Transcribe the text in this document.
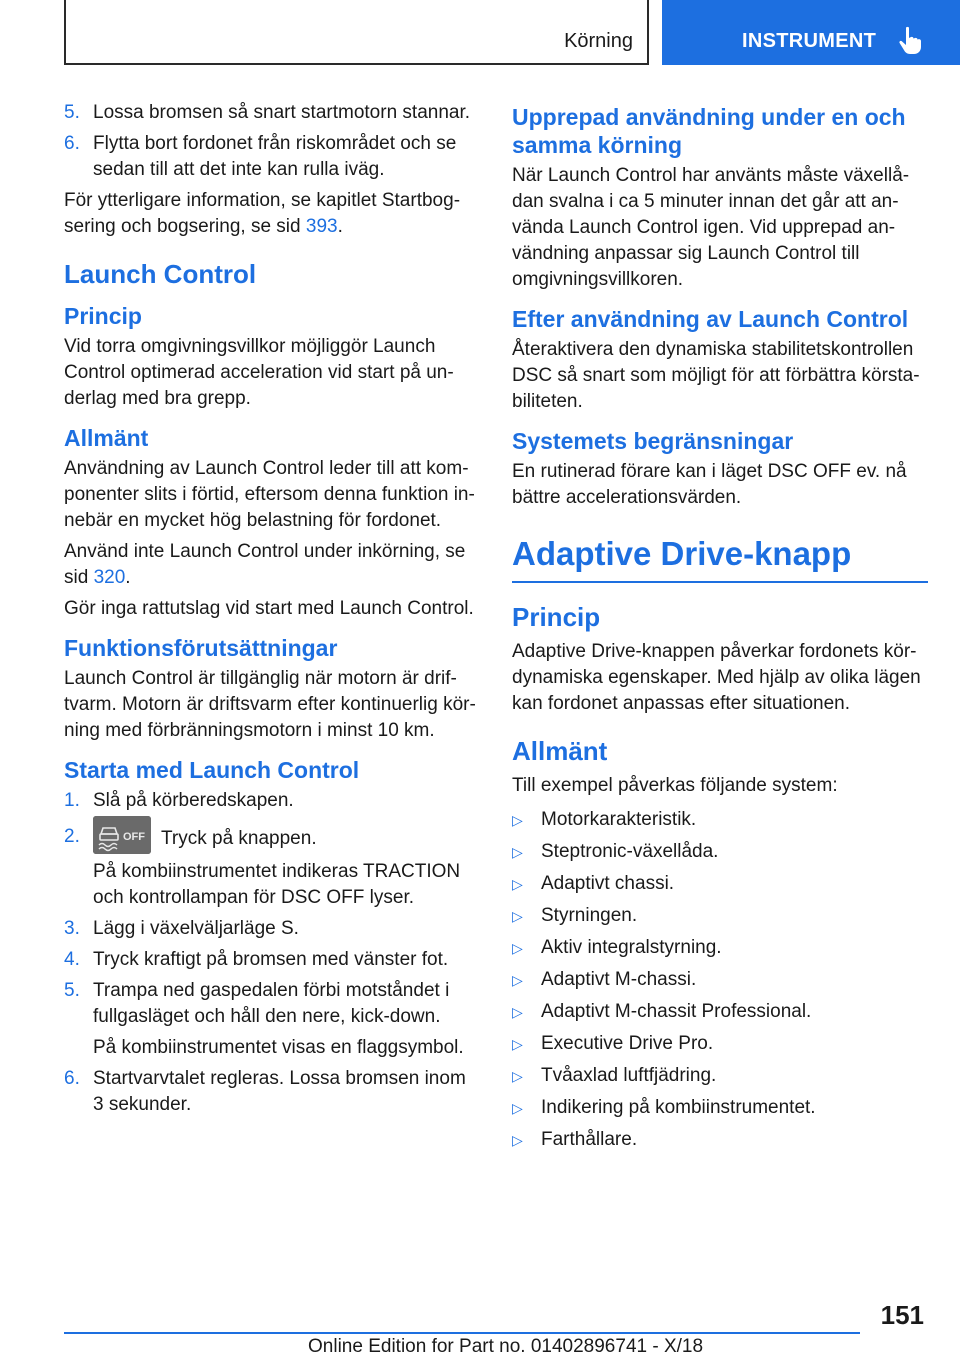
Körning	INSTRUMENT
5. Lossa bromsen så snart startmotorn stannar.
6. Flytta bort fordonet från riskområdet och se sedan till att det inte kan rulla iväg.
För ytterligare information, se kapitlet Startbogsering och bogsering, se sid 393.
Launch Control
Princip
Vid torra omgivningsvillkor möjliggör Launch Control optimerad acceleration vid start på underlag med bra grepp.
Allmänt
Användning av Launch Control leder till att komponenter slits i förtid, eftersom denna funktion innebär en mycket hög belastning för fordonet.
Använd inte Launch Control under inkörning, se sid 320.
Gör inga rattutslag vid start med Launch Control.
Funktionsförutsättningar
Launch Control är tillgänglig när motorn är driftvarm. Motorn är driftsvarm efter kontinuerlig körning med förbränningsmotorn i minst 10 km.
Starta med Launch Control
1. Slå på körberedskapen.
2.	OFF Tryck på knappen.
På kombiinstrumentet indikeras TRACTION och kontrollampan för DSC OFF lyser.
3. Lägg i växelväljarläge S.
4. Tryck kraftigt på bromsen med vänster fot.
5. Trampa ned gaspedalen förbi motståndet i fullgasläget och håll den nere, kick-down.
På kombiinstrumentet visas en flaggsymbol.
6. Startvarvtalet regleras. Lossa bromsen inom 3 sekunder.
Upprepad användning under en och samma körning
När Launch Control har använts måste växellådan svalna i ca 5 minuter innan det går att använda Launch Control igen. Vid upprepad användning anpassar sig Launch Control till omgivningsvillkoren.
Efter användning av Launch Control
Återaktivera den dynamiska stabilitetskontrollen DSC så snart som möjligt för att förbättra körstabiliteten.
Systemets begränsningar
En rutinerad förare kan i läget DSC OFF ev. nå bättre accelerationsvärden.
Adaptive Drive-knapp
Princip
Adaptive Drive-knappen påverkar fordonets kördynamiska egenskaper. Med hjälp av olika lägen kan fordonet anpassas efter situationen.
Allmänt
Till exempel påverkas följande system:
▷ Motorkarakteristik.
▷ Steptronic-växellåda.
▷ Adaptivt chassi.
▷ Styrningen.
▷ Aktiv integralstyrning.
▷ Adaptivt M-chassi.
▷ Adaptivt M-chassit Professional.
▷ Executive Drive Pro.
▷ Tvåaxlad luftfjädring.
▷ Indikering på kombiinstrumentet.
▷ Farthållare.
151
Online Edition for Part no. 01402896741 - X/18
